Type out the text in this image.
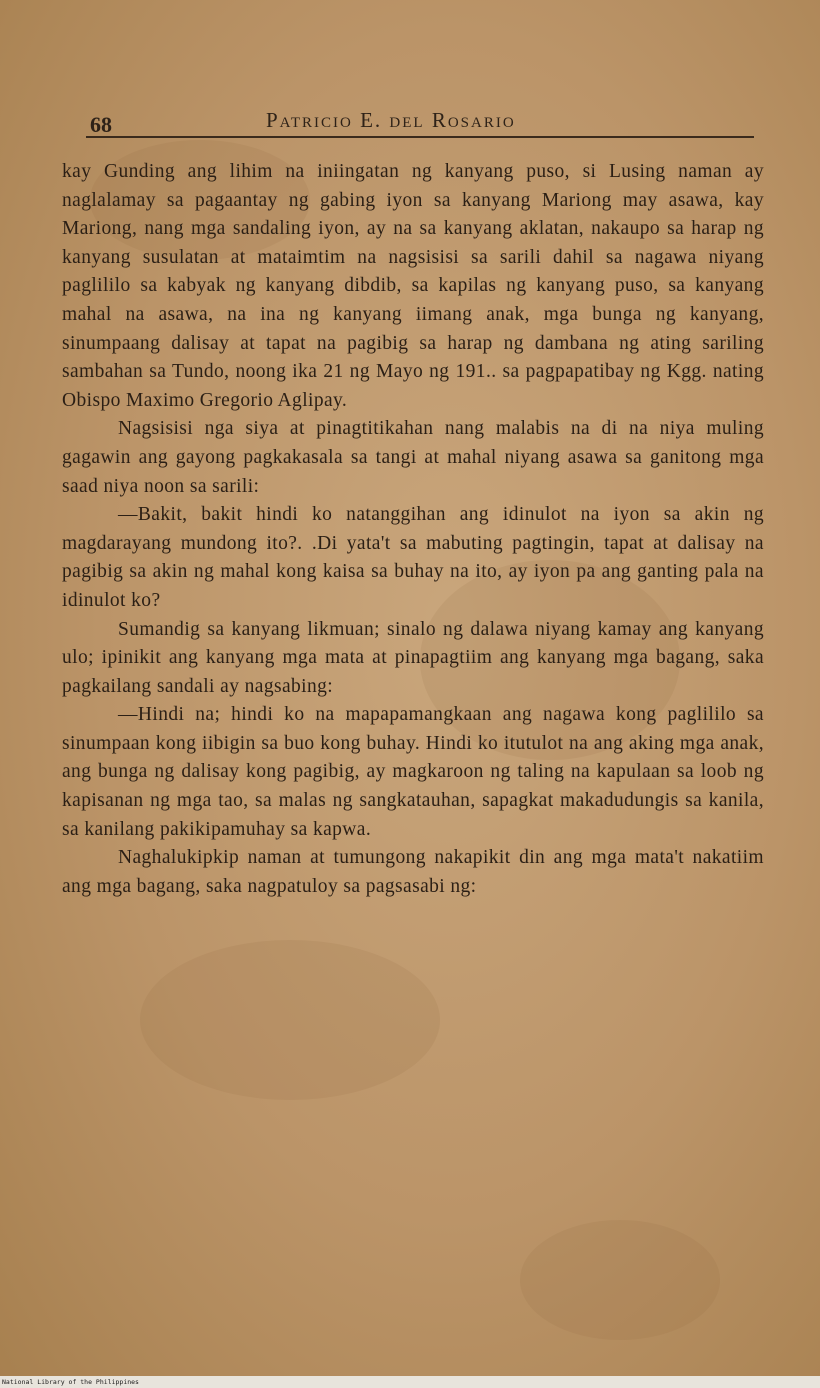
68	Patricio E. del Rosario

kay Gunding ang lihim na iniingatan ng kanyang puso, si Lusing naman ay naglalamay sa pagaantay ng gabing iyon sa kanyang Mariong may asawa, kay Mariong, nang mga sandaling iyon, ay na sa kanyang aklatan, nakaupo sa harap ng kanyang susulatan at mataimtim na nagsisisi sa sarili dahil sa nagawa niyang paglililo sa kabyak ng kanyang dibdib, sa kapilas ng kanyang puso, sa kanyang mahal na asawa, na ina ng kanyang iimang anak, mga bunga ng kanyang, sinumpaang dalisay at tapat na pagibig sa harap ng dambana ng ating sariling sambahan sa Tundo, noong ika 21 ng Mayo ng 191.. sa pagpapatibay ng Kgg. nating Obispo Maximo Gregorio Aglipay.

Nagsisisi nga siya at pinagtitikahan nang malabis na di na niya muling gagawin ang gayong pagkakasala sa tangi at mahal niyang asawa sa ganitong mga saad niya noon sa sarili:

—Bakit, bakit hindi ko natanggihan ang idinulot na iyon sa akin ng magdarayang mundong ito?. .Di yata't sa mabuting pagtingin, tapat at dalisay na pagibig sa akin ng mahal kong kaisa sa buhay na ito, ay iyon pa ang ganting pala na idinulot ko?

Sumandig sa kanyang likmuan; sinalo ng dalawa niyang kamay ang kanyang ulo; ipinikit ang kanyang mga mata at pinapagtiim ang kanyang mga bagang, saka pagkailang sandali ay nagsabing:

—Hindi na; hindi ko na mapapamangkaan ang nagawa kong paglililo sa sinumpaan kong iibigin sa buo kong buhay. Hindi ko itutulot na ang aking mga anak, ang bunga ng dalisay kong pagibig, ay magkaroon ng taling na kapulaan sa loob ng kapisanan ng mga tao, sa malas ng sangkatauhan, sapagkat makadudungis sa kanila, sa kanilang pakikipamuhay sa kapwa.

Naghalukipkip naman at tumungong nakapikit din ang mga mata't nakatiim ang mga bagang, saka nagpatuloy sa pagsasabi ng:

National Library of the Philippines
